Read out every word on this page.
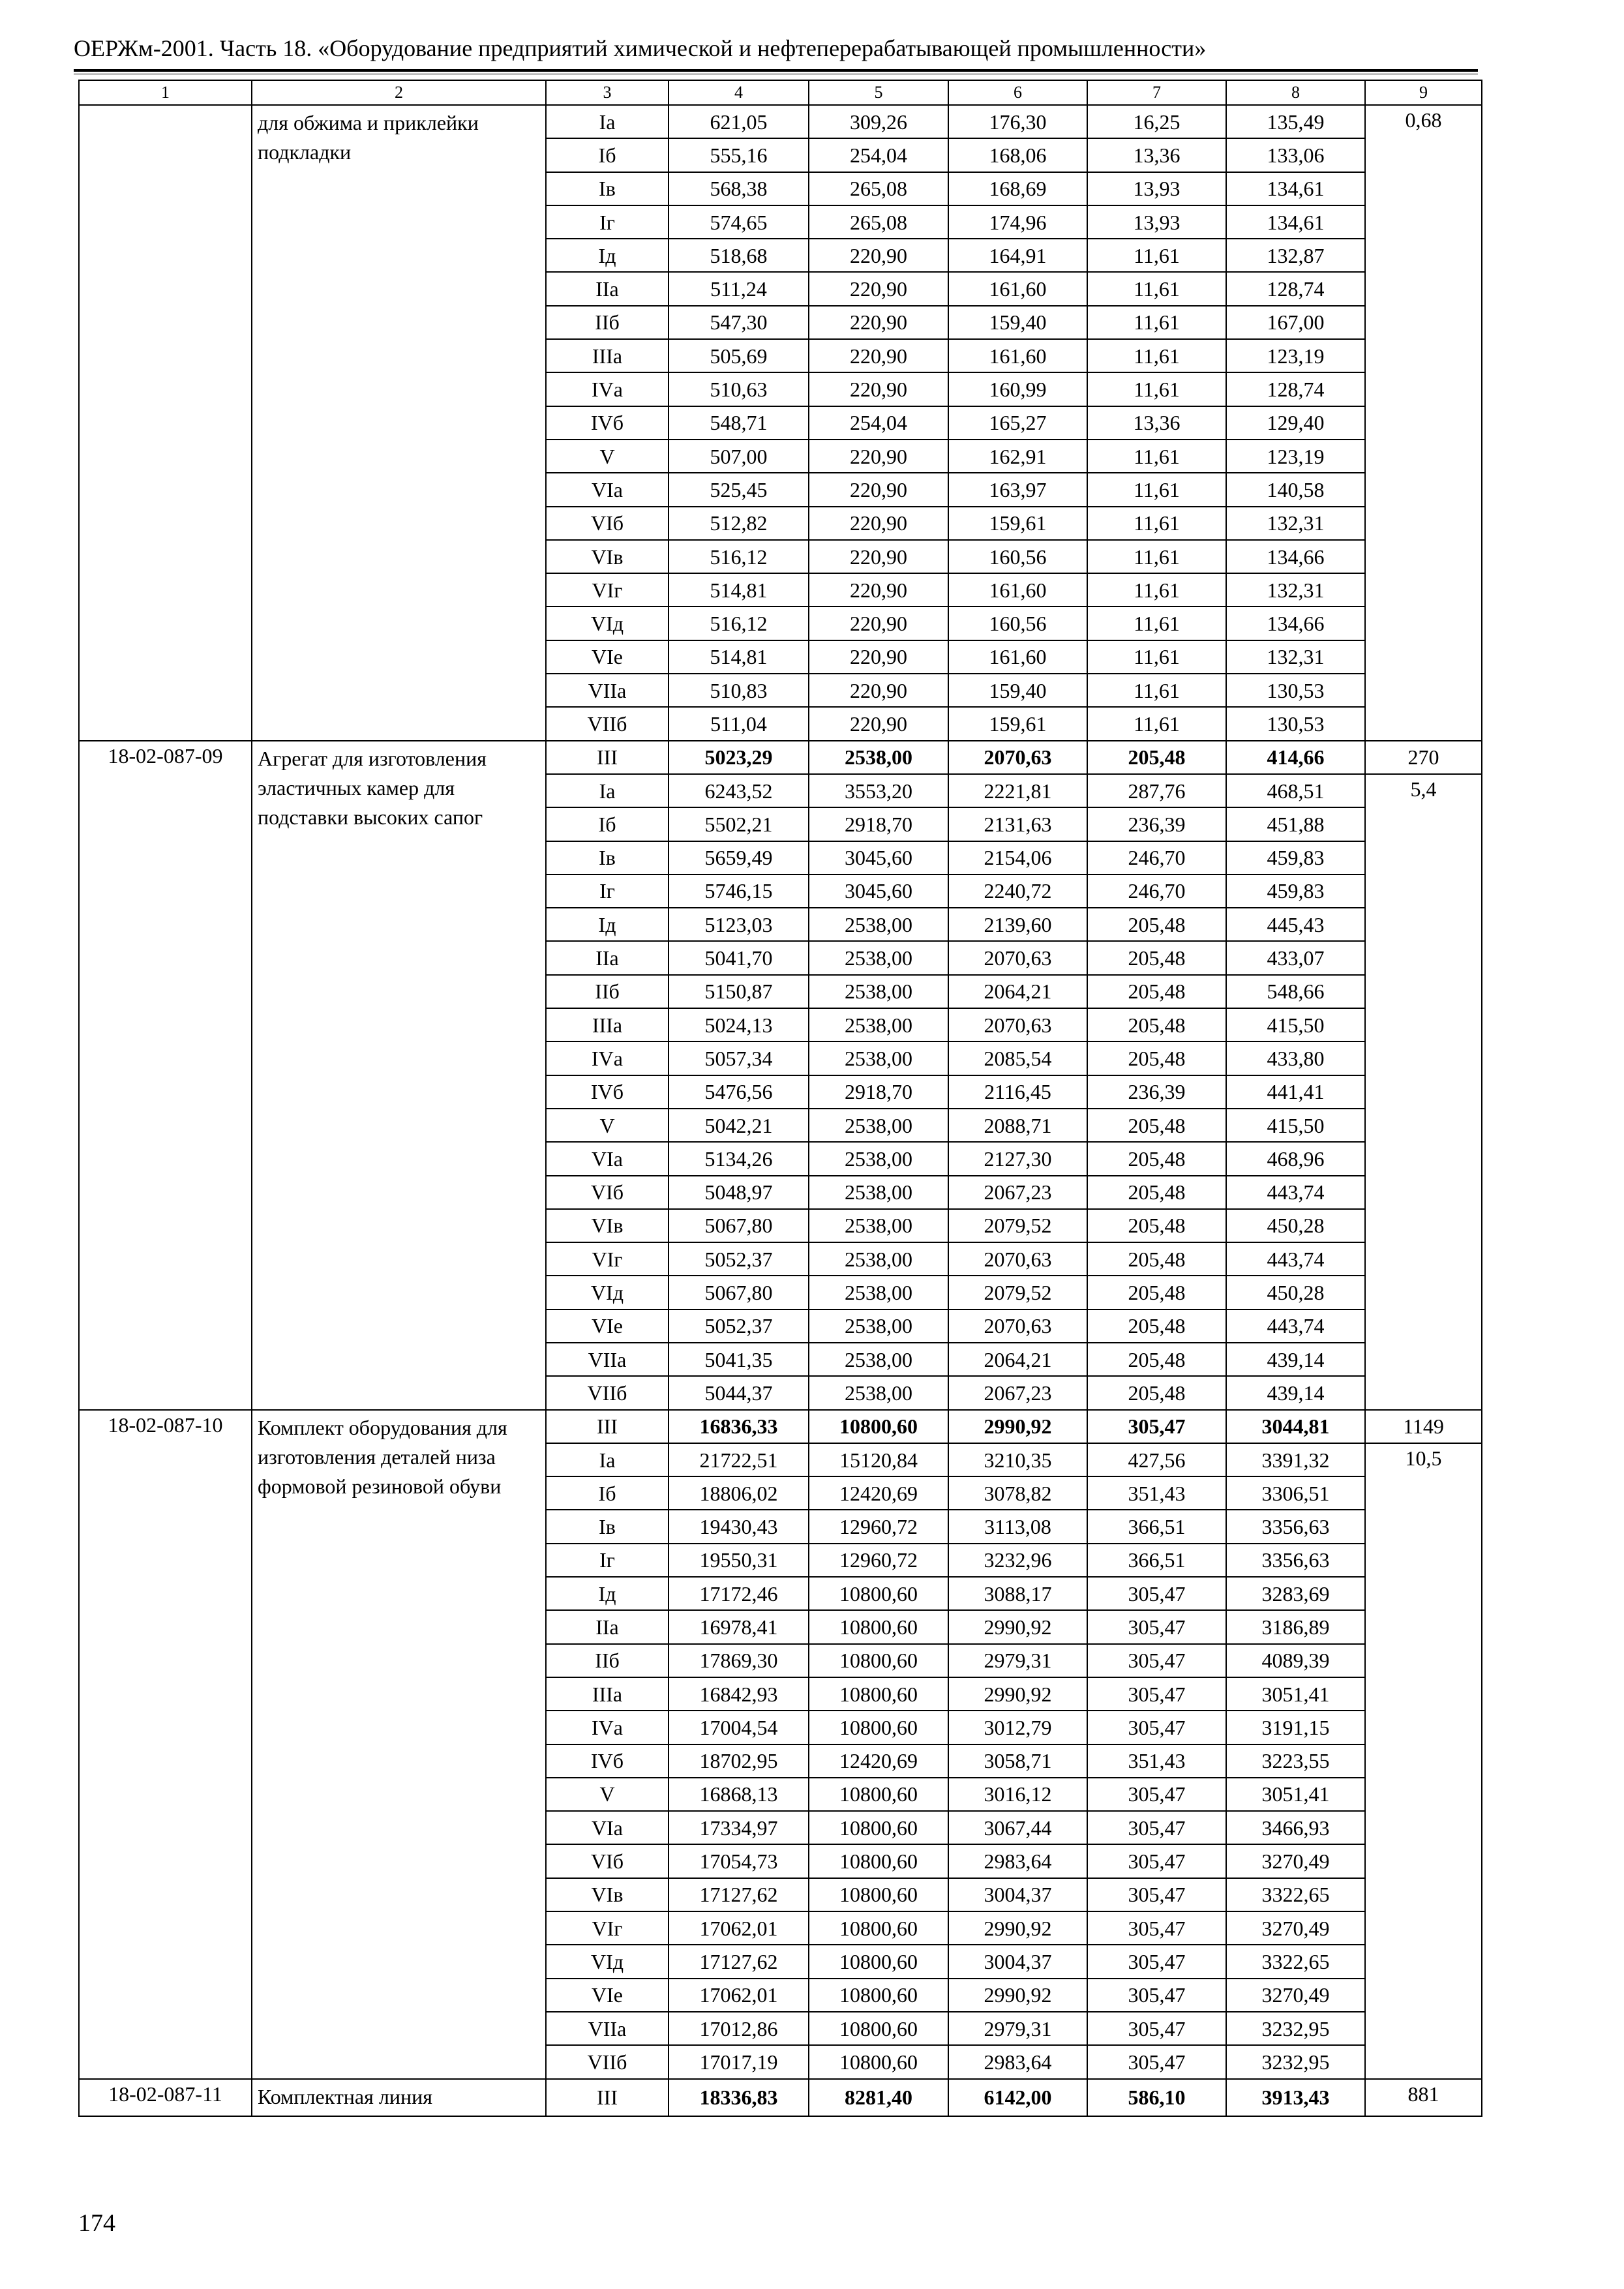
ОЕРЖм-2001. Часть 18. «Оборудование предприятий химической и нефтеперерабатывающей промышленности»
1	2	3	4	5	6	7	8	9
	для обжима и приклейки подкладки	Iа	621,05	309,26	176,30	16,25	135,49	0,68
		Iб	555,16	254,04	168,06	13,36	133,06	
		Iв	568,38	265,08	168,69	13,93	134,61	
		Iг	574,65	265,08	174,96	13,93	134,61	
		Iд	518,68	220,90	164,91	11,61	132,87	
		IIа	511,24	220,90	161,60	11,61	128,74	
		IIб	547,30	220,90	159,40	11,61	167,00	
		IIIа	505,69	220,90	161,60	11,61	123,19	
		IVа	510,63	220,90	160,99	11,61	128,74	
		IVб	548,71	254,04	165,27	13,36	129,40	
		V	507,00	220,90	162,91	11,61	123,19	
		VIа	525,45	220,90	163,97	11,61	140,58	
		VIб	512,82	220,90	159,61	11,61	132,31	
		VIв	516,12	220,90	160,56	11,61	134,66	
		VIг	514,81	220,90	161,60	11,61	132,31	
		VIд	516,12	220,90	160,56	11,61	134,66	
		VIе	514,81	220,90	161,60	11,61	132,31	
		VIIа	510,83	220,90	159,40	11,61	130,53	
		VIIб	511,04	220,90	159,61	11,61	130,53	
18-02-087-09	Агрегат для изготовления эластичных камер для подставки высоких сапог	III	5023,29	2538,00	2070,63	205,48	414,66	270
		Iа	6243,52	3553,20	2221,81	287,76	468,51	5,4
		Iб	5502,21	2918,70	2131,63	236,39	451,88	
		Iв	5659,49	3045,60	2154,06	246,70	459,83	
		Iг	5746,15	3045,60	2240,72	246,70	459,83	
		Iд	5123,03	2538,00	2139,60	205,48	445,43	
		IIа	5041,70	2538,00	2070,63	205,48	433,07	
		IIб	5150,87	2538,00	2064,21	205,48	548,66	
		IIIа	5024,13	2538,00	2070,63	205,48	415,50	
		IVа	5057,34	2538,00	2085,54	205,48	433,80	
		IVб	5476,56	2918,70	2116,45	236,39	441,41	
		V	5042,21	2538,00	2088,71	205,48	415,50	
		VIа	5134,26	2538,00	2127,30	205,48	468,96	
		VIб	5048,97	2538,00	2067,23	205,48	443,74	
		VIв	5067,80	2538,00	2079,52	205,48	450,28	
		VIг	5052,37	2538,00	2070,63	205,48	443,74	
		VIд	5067,80	2538,00	2079,52	205,48	450,28	
		VIе	5052,37	2538,00	2070,63	205,48	443,74	
		VIIа	5041,35	2538,00	2064,21	205,48	439,14	
		VIIб	5044,37	2538,00	2067,23	205,48	439,14	
18-02-087-10	Комплект оборудования для изготовления деталей низа формовой резиновой обуви	III	16836,33	10800,60	2990,92	305,47	3044,81	1149
		Iа	21722,51	15120,84	3210,35	427,56	3391,32	10,5
		Iб	18806,02	12420,69	3078,82	351,43	3306,51	
		Iв	19430,43	12960,72	3113,08	366,51	3356,63	
		Iг	19550,31	12960,72	3232,96	366,51	3356,63	
		Iд	17172,46	10800,60	3088,17	305,47	3283,69	
		IIа	16978,41	10800,60	2990,92	305,47	3186,89	
		IIб	17869,30	10800,60	2979,31	305,47	4089,39	
		IIIа	16842,93	10800,60	2990,92	305,47	3051,41	
		IVа	17004,54	10800,60	3012,79	305,47	3191,15	
		IVб	18702,95	12420,69	3058,71	351,43	3223,55	
		V	16868,13	10800,60	3016,12	305,47	3051,41	
		VIа	17334,97	10800,60	3067,44	305,47	3466,93	
		VIб	17054,73	10800,60	2983,64	305,47	3270,49	
		VIв	17127,62	10800,60	3004,37	305,47	3322,65	
		VIг	17062,01	10800,60	2990,92	305,47	3270,49	
		VIд	17127,62	10800,60	3004,37	305,47	3322,65	
		VIе	17062,01	10800,60	2990,92	305,47	3270,49	
		VIIа	17012,86	10800,60	2979,31	305,47	3232,95	
		VIIб	17017,19	10800,60	2983,64	305,47	3232,95	
18-02-087-11	Комплектная линия	III	18336,83	8281,40	6142,00	586,10	3913,43	881
174
